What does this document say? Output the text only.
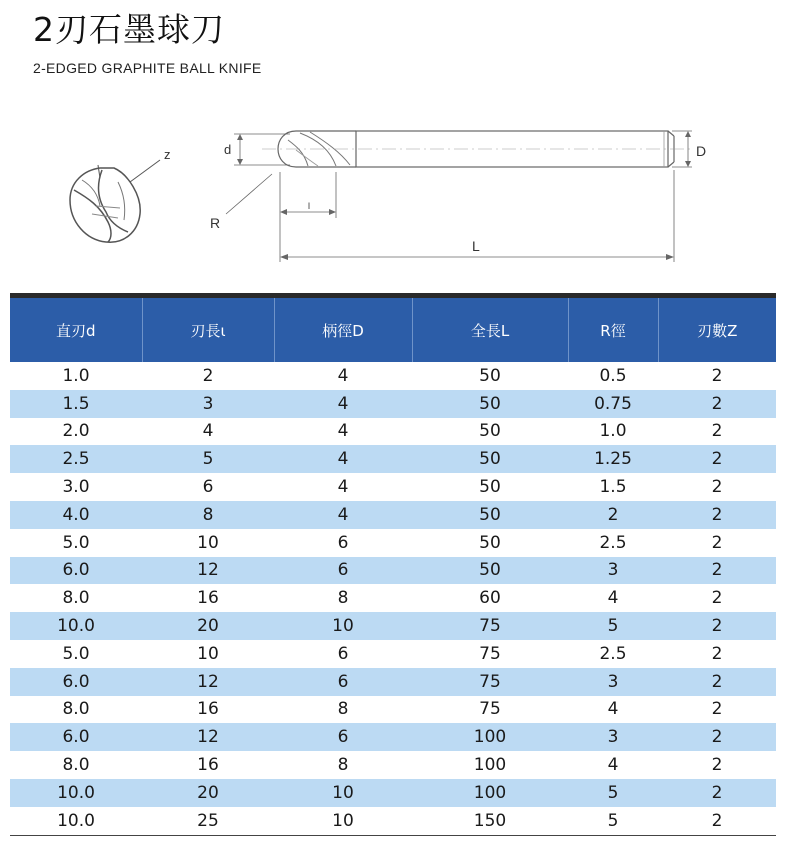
2刃石墨球刀
2-EDGED GRAPHITE BALL KNIFE
z	d	D
R
l
L
直刃d	刃長ι	柄徑D	全長L	R徑	刃數Z
1.0	2	4	50	0.5	2
1.5	3	4	50	0.75	2
2.0	4	4	50	1.0	2
2.5	5	4	50	1.25	2
3.0	6	4	50	1.5	2
4.0	8	4	50	2	2
5.0	10	6	50	2.5	2
6.0	12	6	50	3	2
8.0	16	8	60	4	2
10.0	20	10	75	5	2
5.0	10	6	75	2.5	2
6.0	12	6	75	3	2
8.0	16	8	75	4	2
6.0	12	6	100	3	2
8.0	16	8	100	4	2
10.0	20	10	100	5	2
10.0	25	10	150	5	2
